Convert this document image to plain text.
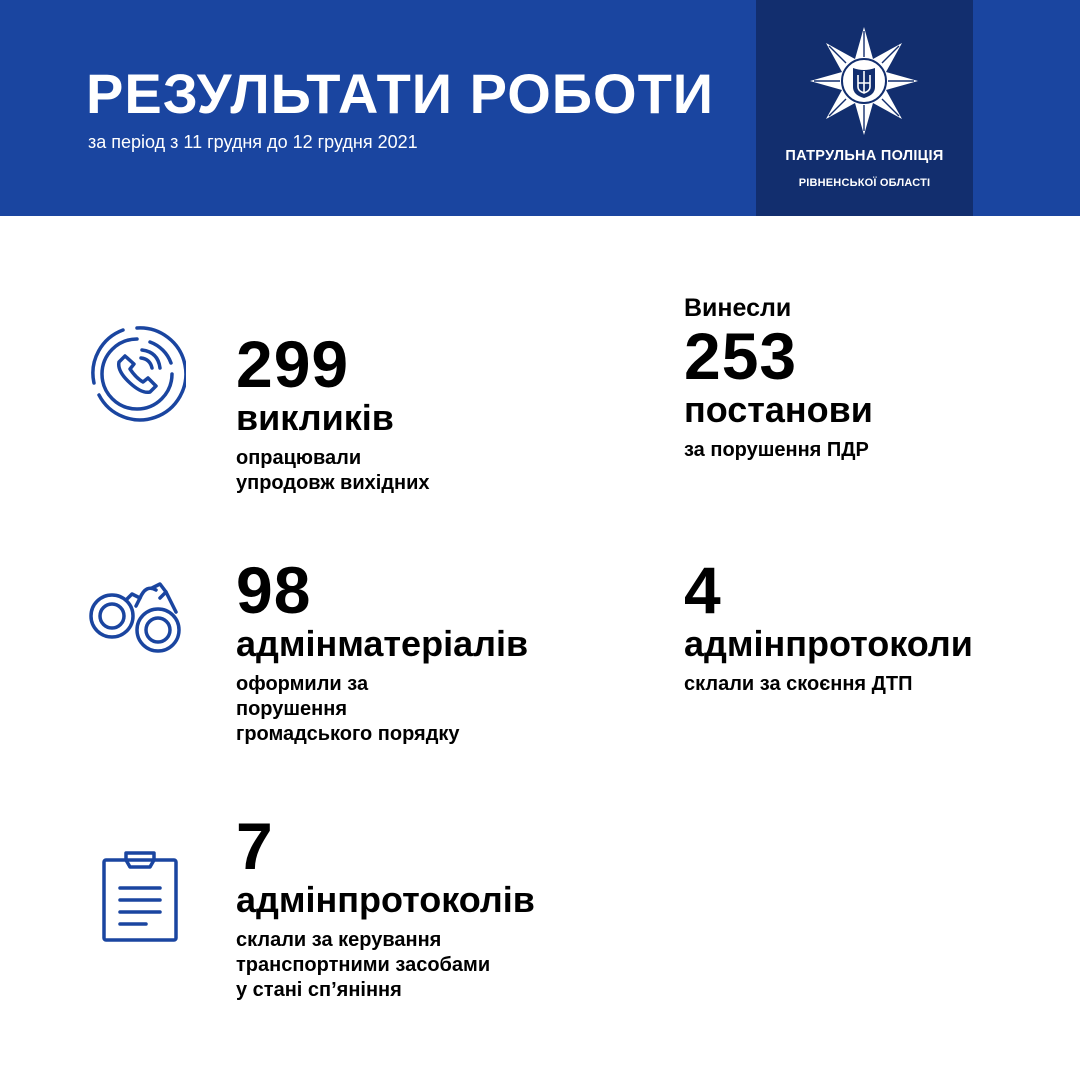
РЕЗУЛЬТАТИ РОБОТИ
за період з 11 грудня до 12 грудня 2021
ПАТРУЛЬНА ПОЛІЦІЯ
РІВНЕНСЬКОЇ ОБЛАСТІ
299
викликів
опрацювали
упродовж вихідних
Винесли
253
постанови
за порушення ПДР
98
адмінматеріалів
оформили за
порушення
громадського порядку
4
адмінпротоколи
склали за скоєння ДТП
7
адмінпротоколів
склали за керування
транспортними засобами
у стані сп’яніння
